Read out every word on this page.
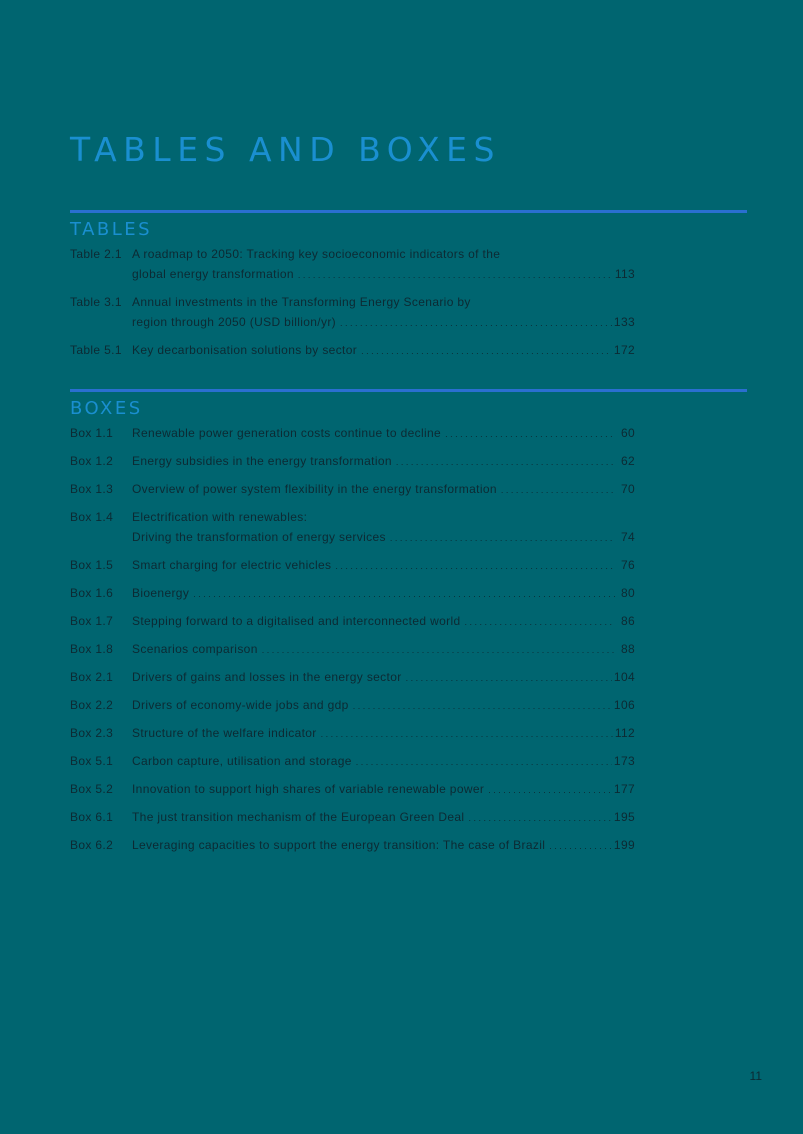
TABLES AND BOXES
TABLES
Table 2.1 A roadmap to 2050: Tracking key socioeconomic indicators of the
global energy transformation . . .	113
Table 3.1 Annual investments in the Transforming Energy Scenario by
region through 2050 (USD billion/yr) . . .	133
Table 5.1 Key decarbonisation solutions by sector . . .	172
BOXES
Box 1.1	Renewable power generation costs continue to decline . . .	60
Box 1.2	Energy subsidies in the energy transformation . . .	62
Box 1.3	Overview of power system flexibility in the energy transformation . . .	70
Box 1.4	Electrification with renewables:
Driving the transformation of energy services . . .	74
Box 1.5	Smart charging for electric vehicles . . .	76
Box 1.6	Bioenergy . . .	80
Box 1.7	Stepping forward to a digitalised and interconnected world . . .	86
Box 1.8	Scenarios comparison . . .	88
Box 2.1	Drivers of gains and losses in the energy sector . . .	104
Box 2.2	Drivers of economy-wide jobs and gdp . . .	106
Box 2.3	Structure of the welfare indicator . . .	112
Box 5.1	Carbon capture, utilisation and storage . . .	173
Box 5.2	Innovation to support high shares of variable renewable power . . .	177
Box 6.1	The just transition mechanism of the European Green Deal . . .	195
Box 6.2	Leveraging capacities to support the energy transition: The case of Brazil . . .	199
11
